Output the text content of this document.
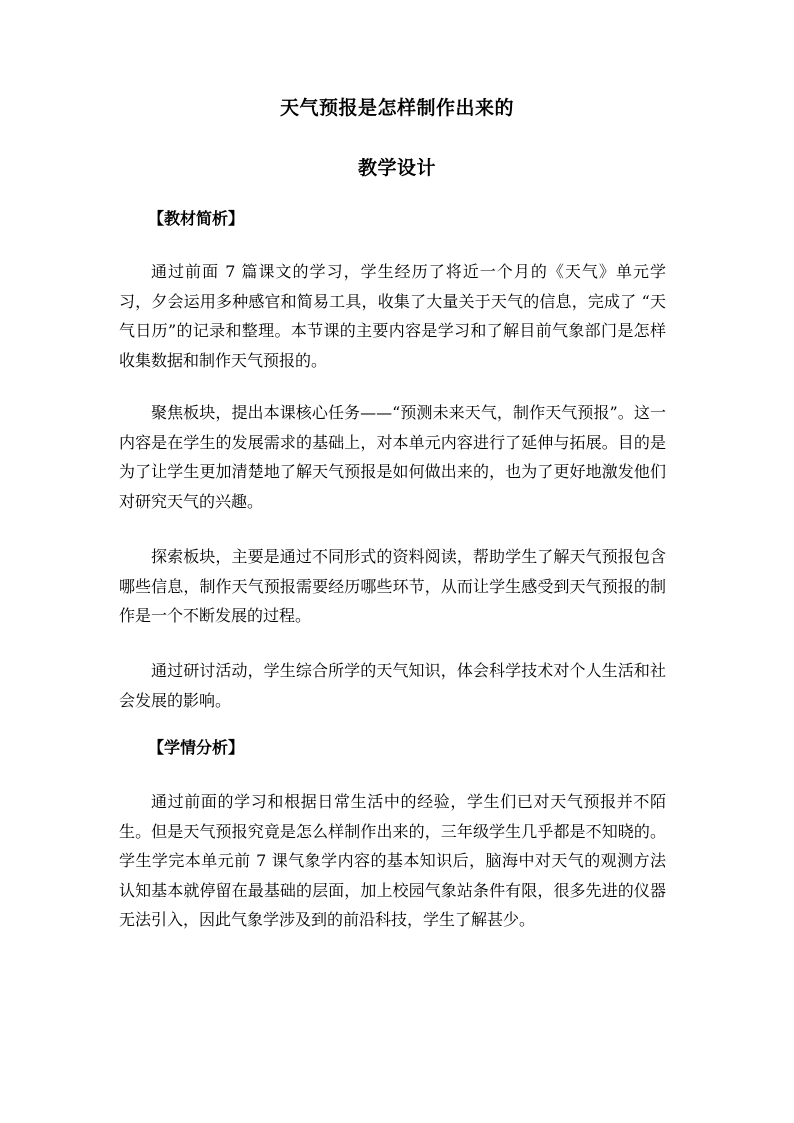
天气预报是怎样制作出来的
教学设计
【教材简析】

通过前面 7 篇课文的学习，学生经历了将近一个月的《天气》单元学习，夕会运用多种感官和简易工具，收集了大量关于天气的信息，完成了 “天气日历”的记录和整理。本节课的主要内容是学习和了解目前气象部门是怎样收集数据和制作天气预报的。

聚焦板块，提出本课核心任务——“预测未来天气，制作天气预报”。这一内容是在学生的发展需求的基础上，对本单元内容进行了延伸与拓展。目的是为了让学生更加清楚地了解天气预报是如何做出来的，也为了更好地激发他们对研究天气的兴趣。

探索板块，主要是通过不同形式的资料阅读，帮助学生了解天气预报包含哪些信息，制作天气预报需要经历哪些环节，从而让学生感受到天气预报的制作是一个不断发展的过程。

通过研讨活动，学生综合所学的天气知识，体会科学技术对个人生活和社会发展的影响。

【学情分析】

通过前面的学习和根据日常生活中的经验，学生们已对天气预报并不陌生。但是天气预报究竟是怎么样制作出来的，三年级学生几乎都是不知晓的。学生学完本单元前 7 课气象学内容的基本知识后，脑海中对天气的观测方法认知基本就停留在最基础的层面，加上校园气象站条件有限，很多先进的仪器无法引入，因此气象学涉及到的前沿科技，学生了解甚少。
